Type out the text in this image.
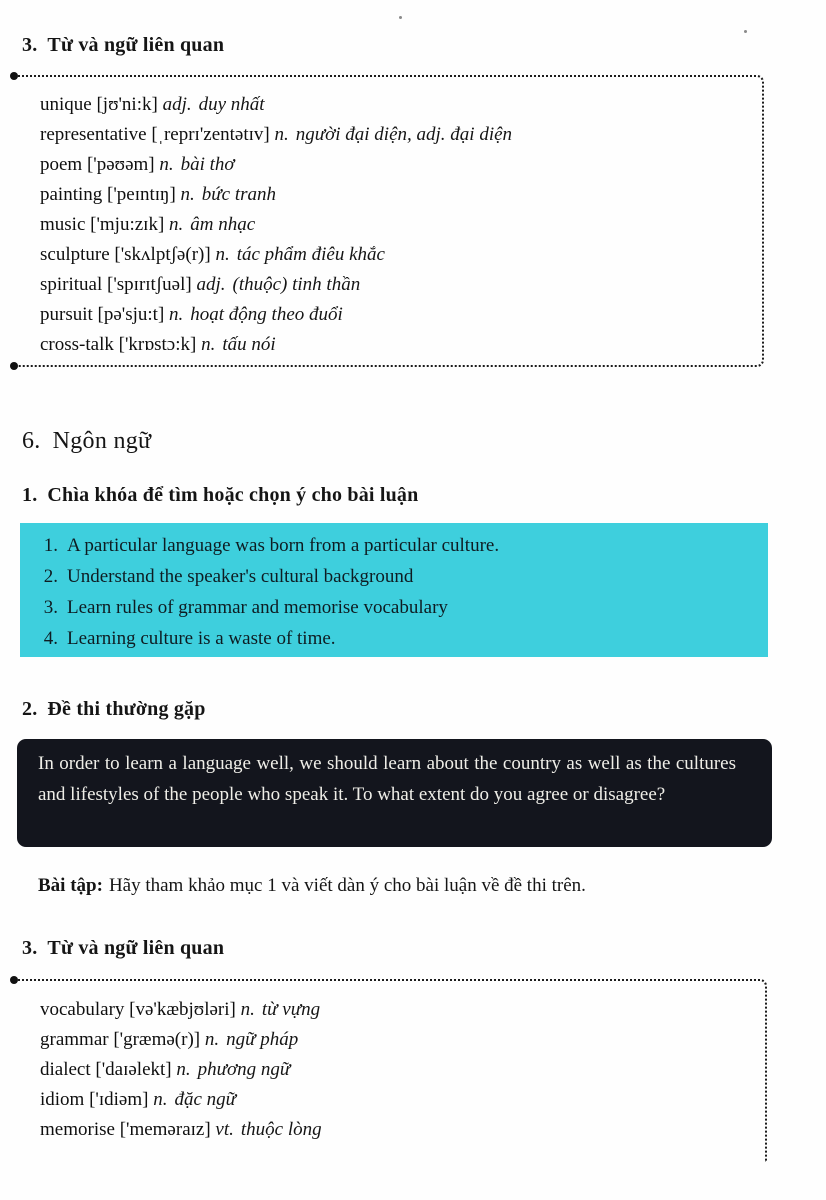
3. Từ và ngữ liên quan
unique [jʊ'ni:k] adj. duy nhất
representative [ˌreprɪ'zentətɪv] n. người đại diện, adj. đại diện
poem ['pəʊəm] n. bài thơ
painting ['peɪntɪŋ] n. bức tranh
music ['mju:zɪk] n. âm nhạc
sculpture ['skʌlptʃə(r)] n. tác phẩm điêu khắc
spiritual ['spɪrɪtʃuəl] adj. (thuộc) tinh thần
pursuit [pə'sju:t] n. hoạt động theo đuổi
cross-talk ['krɒstɔ:k] n. tấu nói
6. Ngôn ngữ
1. Chìa khóa để tìm hoặc chọn ý cho bài luận
1. A particular language was born from a particular culture.
2. Understand the speaker's cultural background
3. Learn rules of grammar and memorise vocabulary
4. Learning culture is a waste of time.
2. Đề thi thường gặp
In order to learn a language well, we should learn about the country as well as the cultures and lifestyles of the people who speak it. To what extent do you agree or disagree?
Bài tập: Hãy tham khảo mục 1 và viết dàn ý cho bài luận về đề thi trên.
3. Từ và ngữ liên quan
vocabulary [və'kæbjʊləri] n. từ vựng
grammar ['græmə(r)] n. ngữ pháp
dialect ['daɪəlekt] n. phương ngữ
idiom ['ɪdiəm] n. đặc ngữ
memorise ['meməraɪz] vt. thuộc lòng
